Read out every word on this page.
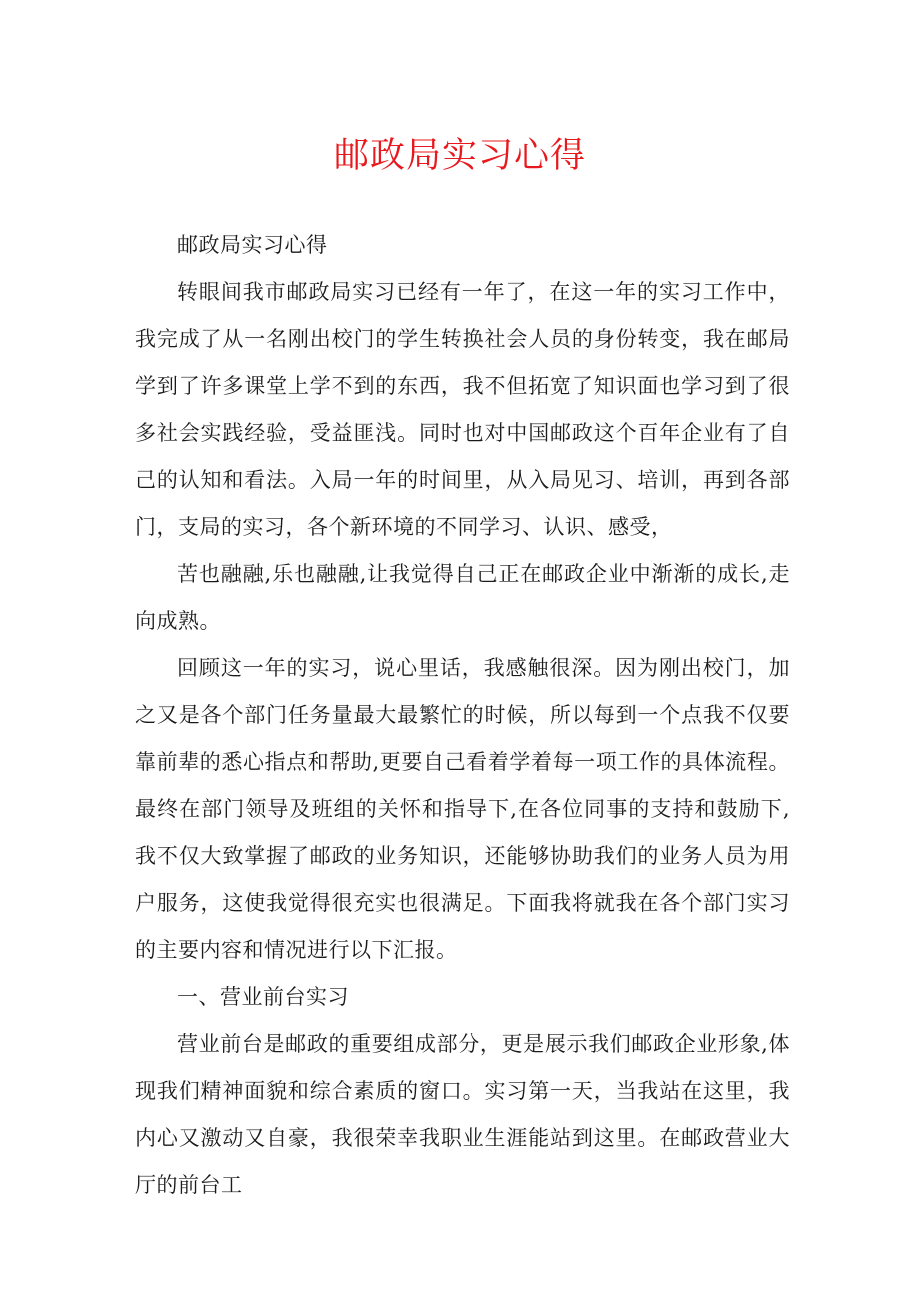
邮政局实习心得

邮政局实习心得

转眼间我市邮政局实习已经有一年了，在这一年的实习工作中，我完成了从一名刚出校门的学生转换社会人员的身份转变，我在邮局学到了许多课堂上学不到的东西，我不但拓宽了知识面也学习到了很多社会实践经验，受益匪浅。同时也对中国邮政这个百年企业有了自己的认知和看法。入局一年的时间里，从入局见习、培训，再到各部门，支局的实习，各个新环境的不同学习、认识、感受，

苦也融融,乐也融融,让我觉得自己正在邮政企业中渐渐的成长,走向成熟。

回顾这一年的实习，说心里话，我感触很深。因为刚出校门，加之又是各个部门任务量最大最繁忙的时候，所以每到一个点我不仅要靠前辈的悉心指点和帮助,更要自己看着学着每一项工作的具体流程。最终在部门领导及班组的关怀和指导下,在各位同事的支持和鼓励下,我不仅大致掌握了邮政的业务知识，还能够协助我们的业务人员为用户服务，这使我觉得很充实也很满足。下面我将就我在各个部门实习的主要内容和情况进行以下汇报。

一、营业前台实习

营业前台是邮政的重要组成部分，更是展示我们邮政企业形象,体现我们精神面貌和综合素质的窗口。实习第一天，当我站在这里，我内心又激动又自豪，我很荣幸我职业生涯能站到这里。在邮政营业大厅的前台工
